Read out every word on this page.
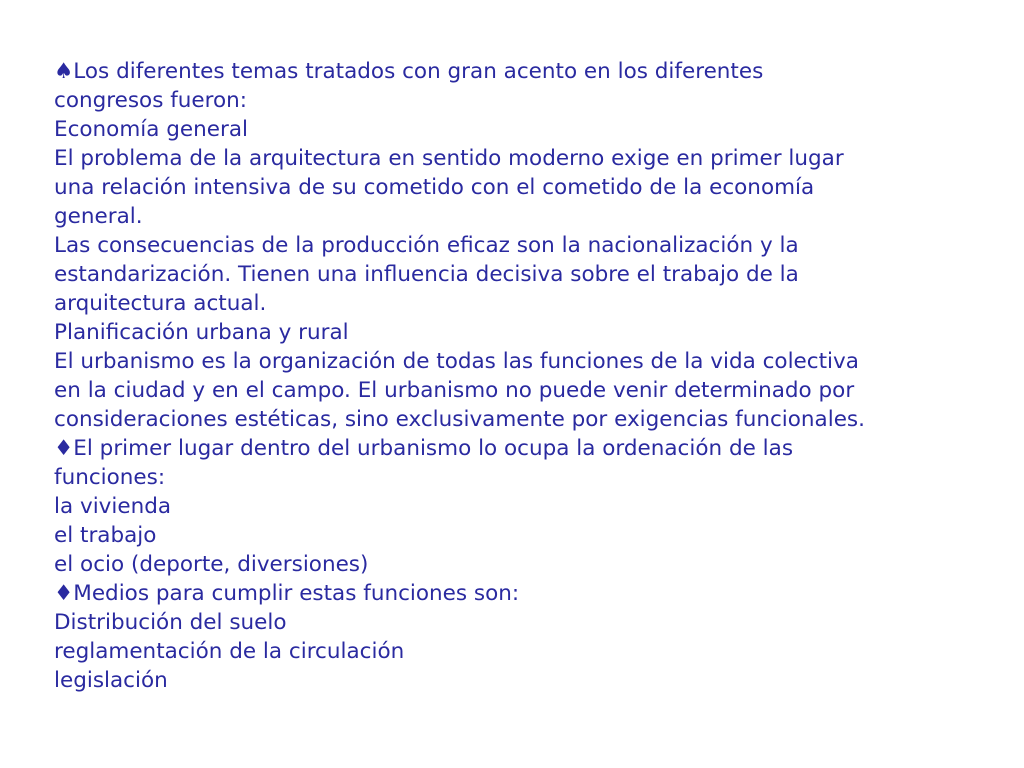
♠Los diferentes temas tratados con gran acento en los diferentes

congresos fueron:

Economía general

El problema de la arquitectura en sentido moderno exige en primer lugar

una relación intensiva de su cometido con el cometido de la economía

general.

Las consecuencias de la producción eficaz son la nacionalización y la

estandarización. Tienen una influencia decisiva sobre el trabajo de la

arquitectura actual.

Planificación urbana y rural

El urbanismo es la organización de todas las funciones de la vida colectiva

en la ciudad y en el campo. El urbanismo no puede venir determinado por

consideraciones estéticas, sino exclusivamente por exigencias funcionales.

♦El primer lugar dentro del urbanismo lo ocupa la ordenación de las

funciones:

la vivienda

el trabajo

el ocio (deporte, diversiones)

♦Medios para cumplir estas funciones son:

Distribución del suelo

reglamentación de la circulación

legislación
